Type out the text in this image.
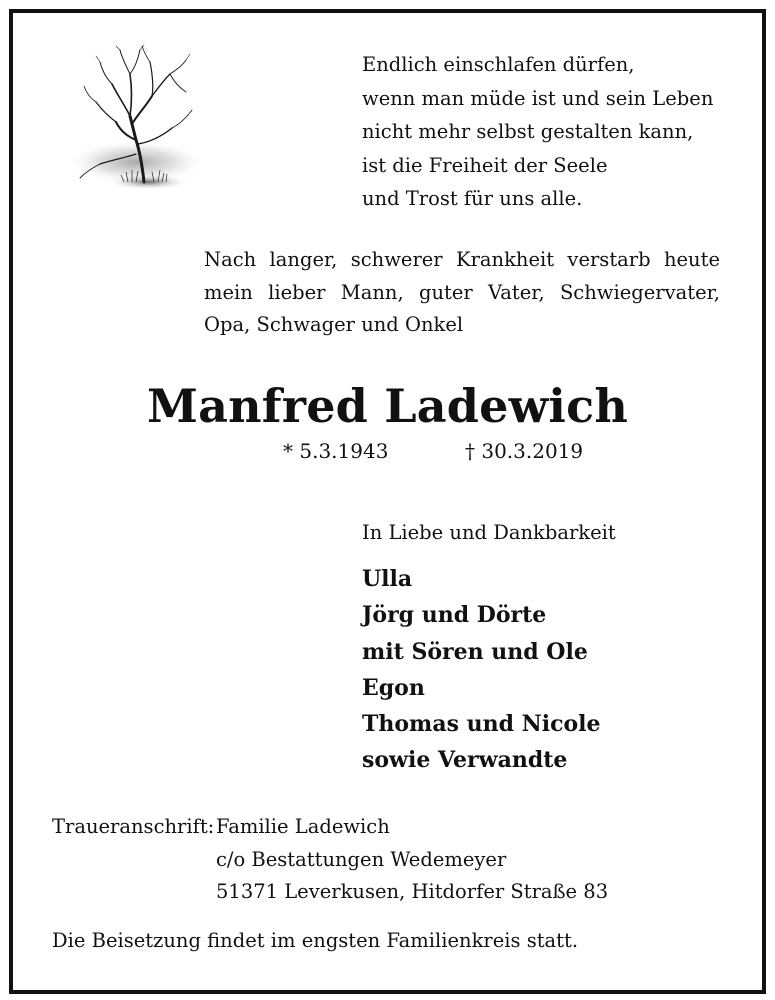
Endlich einschlafen dürfen,
wenn man müde ist und sein Leben
nicht mehr selbst gestalten kann,
ist die Freiheit der Seele
und Trost für uns alle.
Nach langer, schwerer Krankheit verstarb heute mein lieber Mann, guter Vater, Schwiegervater, Opa, Schwager und Onkel
Manfred Ladewich
* 5.3.1943	† 30.3.2019
In Liebe und Dankbarkeit
Ulla
Jörg und Dörte
mit Sören und Ole
Egon
Thomas und Nicole
sowie Verwandte
Traueranschrift: Familie Ladewich
c/o Bestattungen Wedemeyer
51371 Leverkusen, Hitdorfer Straße 83
Die Beisetzung findet im engsten Familienkreis statt.
